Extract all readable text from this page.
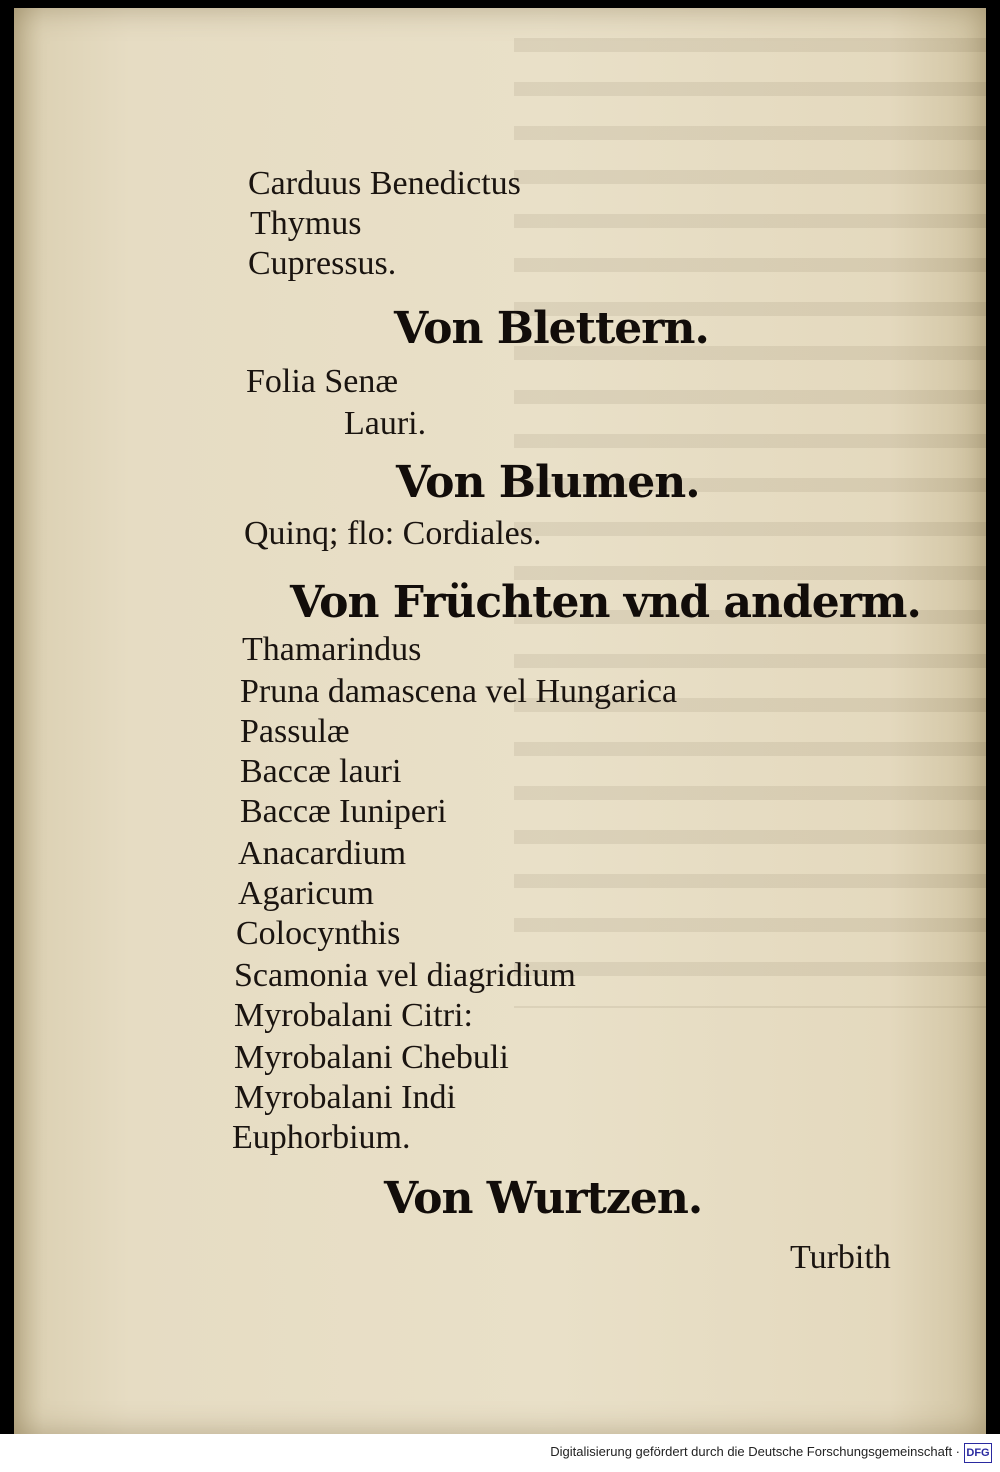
Carduus Benedictus
Thymus
Cupressus.
Von Blettern.
Folia Senæ
Lauri.
Von Blumen.
Quinq; flo: Cordiales.
Von Früchten vnd anderm.
Thamarindus
Pruna damascena vel Hungarica
Passulæ
Baccæ lauri
Baccæ Iuniperi
Anacardium
Agaricum
Colocynthis
Scamonia vel diagridium
Myrobalani Citri:
Myrobalani Chebuli
Myrobalani Indi
Euphorbium.
Von Wurtzen.
Turbith
Digitalisierung gefördert durch die Deutsche Forschungsgemeinschaft · DFG
